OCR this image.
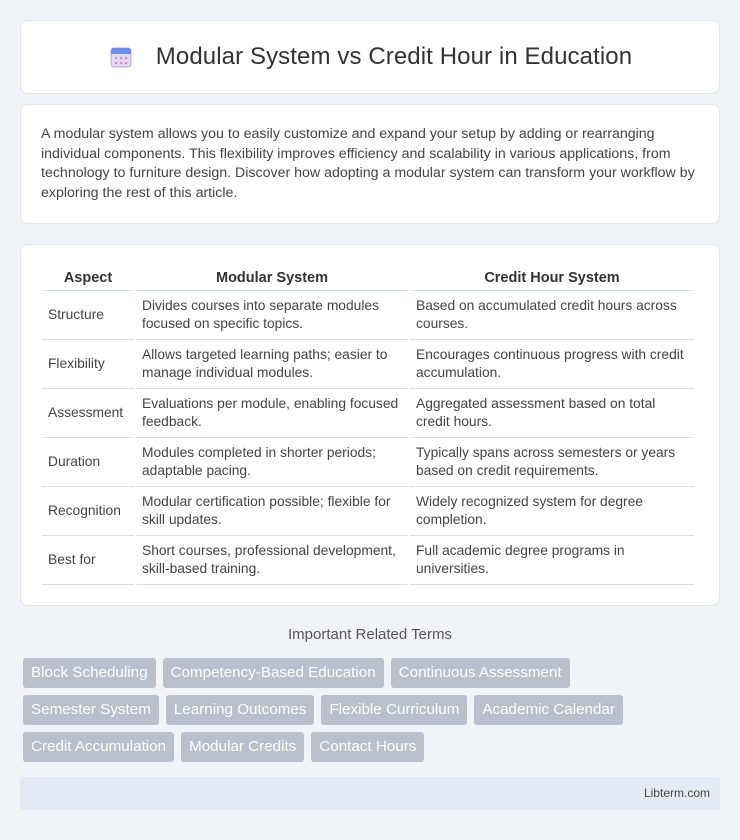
Modular System vs Credit Hour in Education

A modular system allows you to easily customize and expand your setup by adding or rearranging individual components. This flexibility improves efficiency and scalability in various applications, from technology to furniture design. Discover how adopting a modular system can transform your workflow by exploring the rest of this article.

Aspect	Modular System	Credit Hour System
Structure	Divides courses into separate modules focused on specific topics.	Based on accumulated credit hours across courses.
Flexibility	Allows targeted learning paths; easier to manage individual modules.	Encourages continuous progress with credit accumulation.
Assessment	Evaluations per module, enabling focused feedback.	Aggregated assessment based on total credit hours.
Duration	Modules completed in shorter periods; adaptable pacing.	Typically spans across semesters or years based on credit requirements.
Recognition	Modular certification possible; flexible for skill updates.	Widely recognized system for degree completion.
Best for	Short courses, professional development, skill-based training.	Full academic degree programs in universities.
Important Related Terms
Block Scheduling	Competency-Based Education	Continuous Assessment
Semester System	Learning Outcomes	Flexible Curriculum	Academic Calendar
Credit Accumulation	Modular Credits	Contact Hours
Libterm.com
